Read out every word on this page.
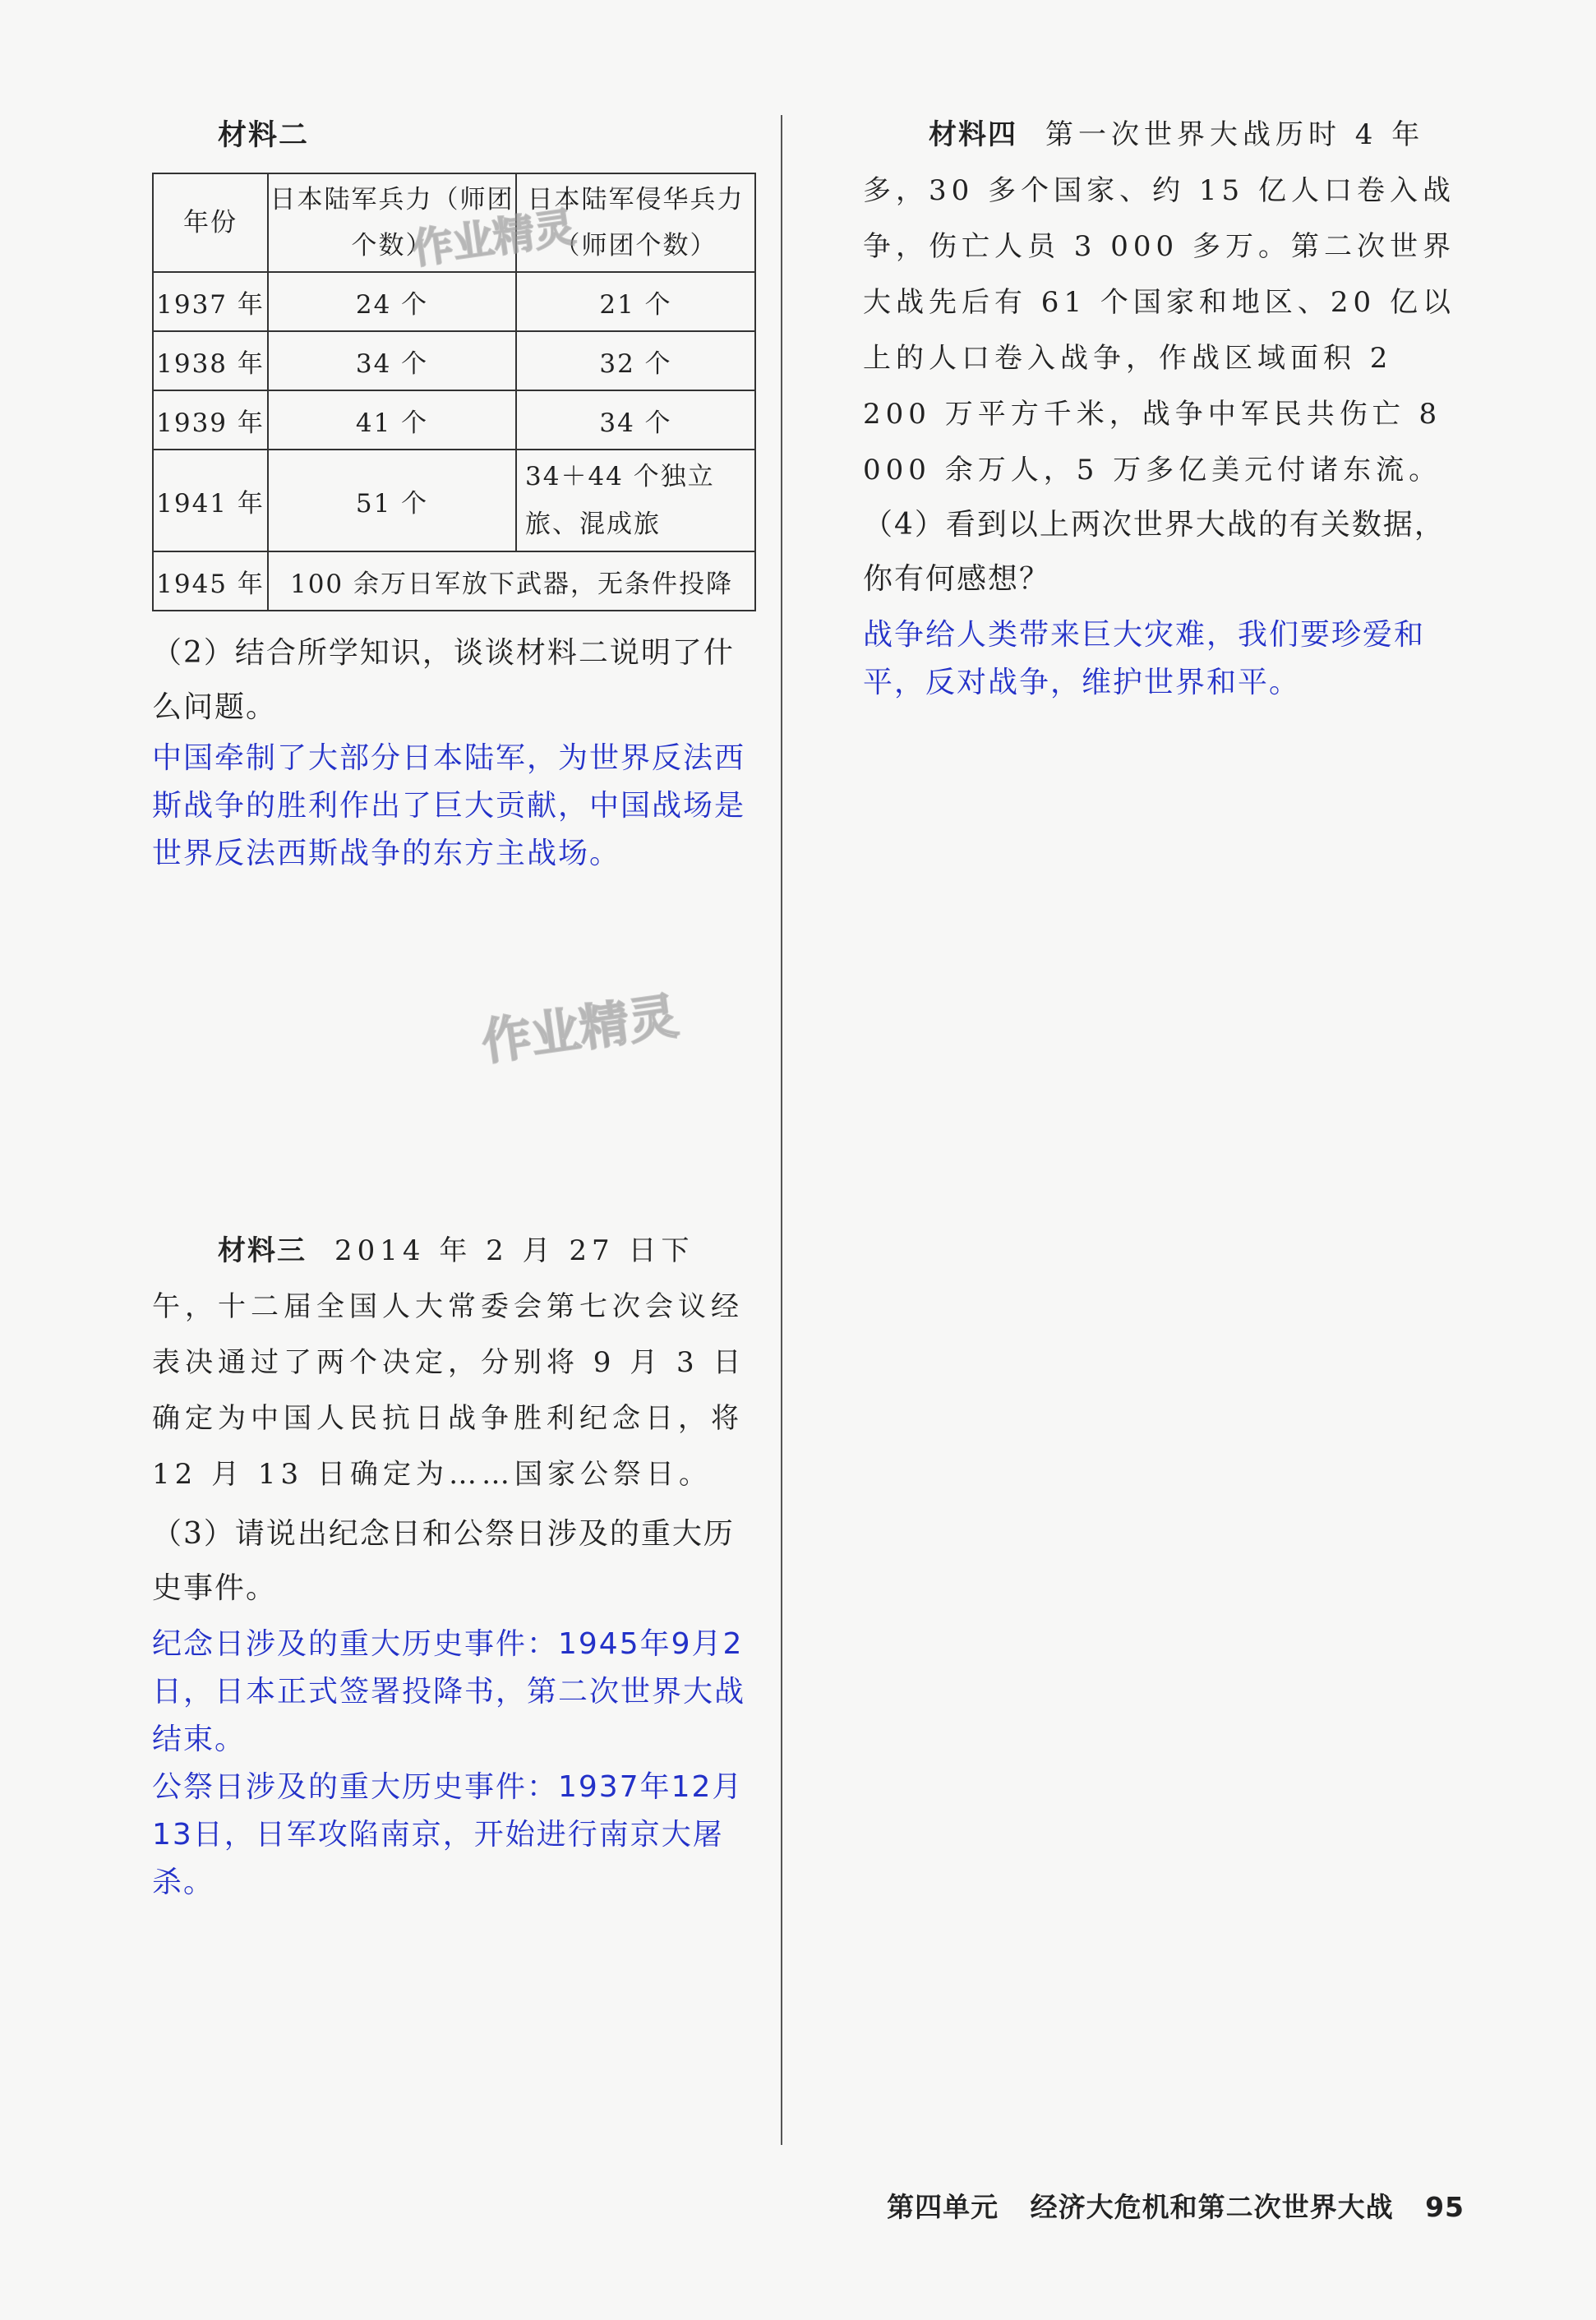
材料二
年份	日本陆军兵力（师团个数）	日本陆军侵华兵力（师团个数）
1937 年	24 个	21 个
1938 年	34 个	32 个
1939 年	41 个	34 个
1941 年	51 个	34＋44 个独立旅、混成旅
1945 年	100 余万日军放下武器，无条件投降	
（2）结合所学知识，谈谈材料二说明了什么问题。
中国牵制了大部分日本陆军，为世界反法西斯战争的胜利作出了巨大贡献，中国战场是世界反法西斯战争的东方主战场。
材料三 2014 年 2 月 27 日下午，十二届全国人大常委会第七次会议经表决通过了两个决定，分别将 9 月 3 日确定为中国人民抗日战争胜利纪念日，将 12 月 13 日确定为……国家公祭日。
（3）请说出纪念日和公祭日涉及的重大历史事件。
纪念日涉及的重大历史事件：1945年9月2日，日本正式签署投降书，第二次世界大战结束。
公祭日涉及的重大历史事件：1937年12月13日，日军攻陷南京，开始进行南京大屠杀。
材料四 第一次世界大战历时 4 年多，30 多个国家、约 15 亿人口卷入战争，伤亡人员 3 000 多万。第二次世界大战先后有 61 个国家和地区、20 亿以上的人口卷入战争，作战区域面积 2 200 万平方千米，战争中军民共伤亡 8 000 余万人，5 万多亿美元付诸东流。
（4）看到以上两次世界大战的有关数据，你有何感想？
战争给人类带来巨大灾难，我们要珍爱和平，反对战争，维护世界和平。
作业精灵
作业精灵
第四单元 经济大危机和第二次世界大战 95
